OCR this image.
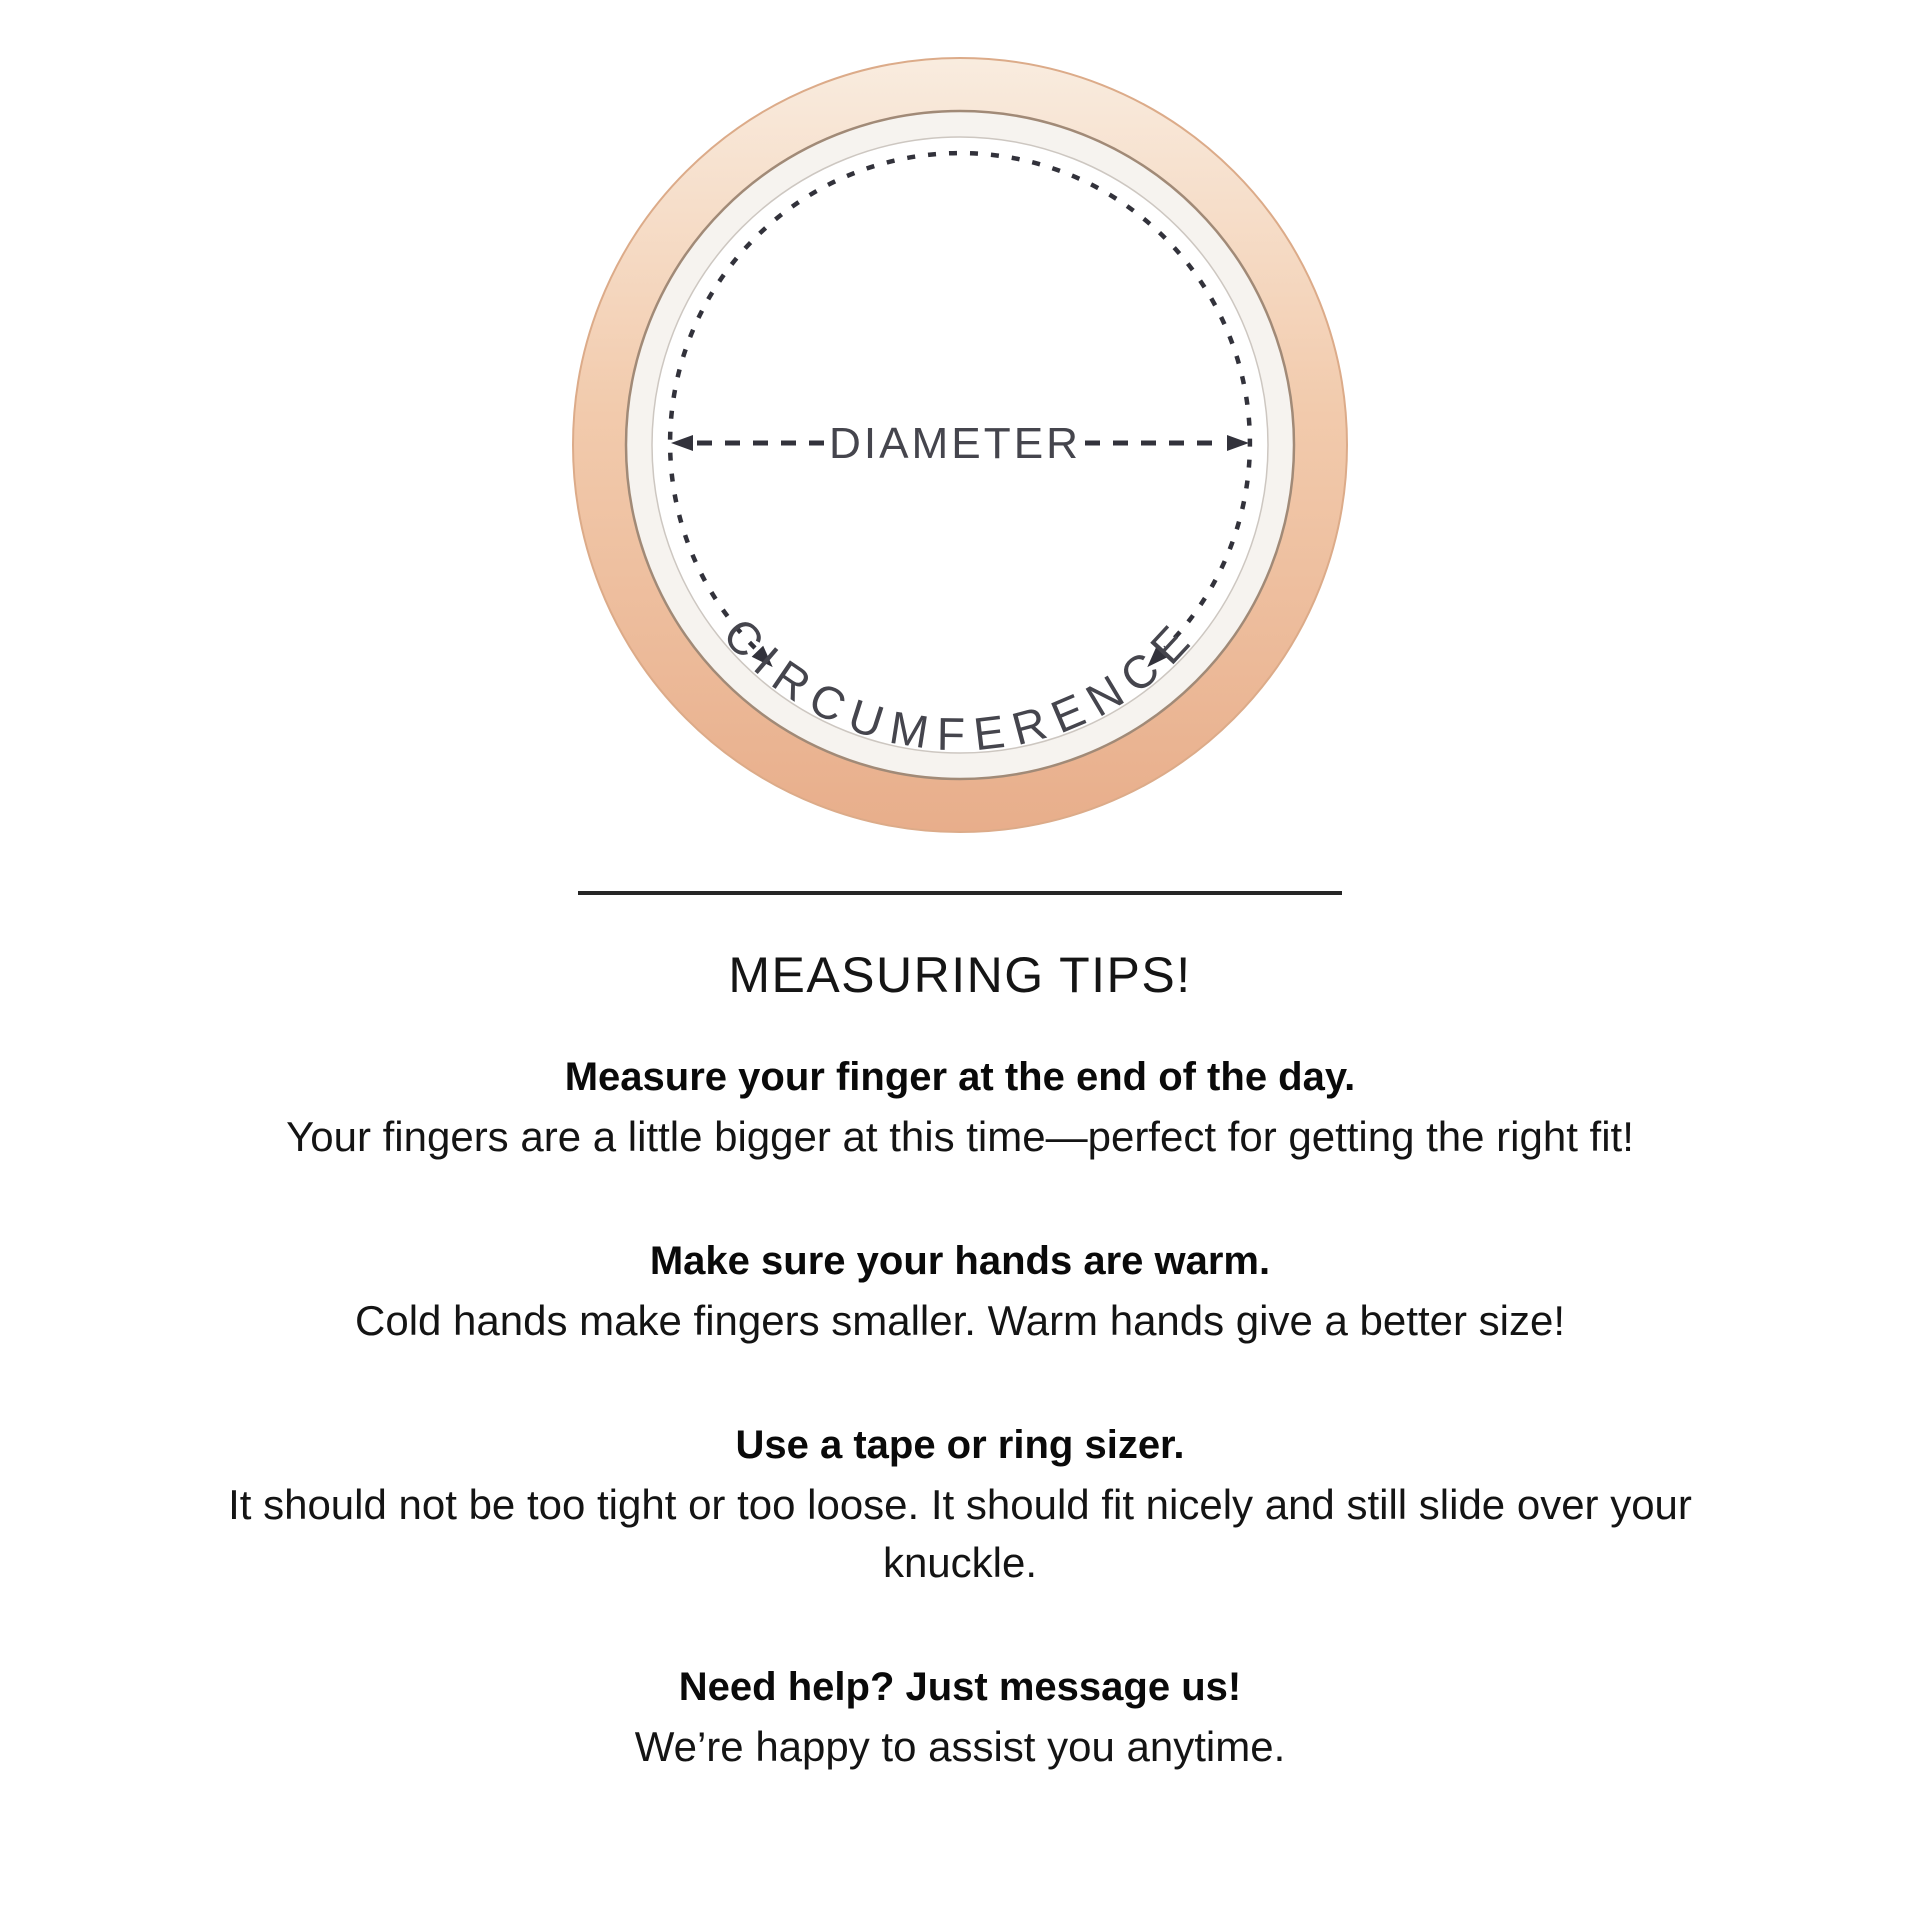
DIAMETER
CIRCUMFERENCE
MEASURING TIPS!

Measure your finger at the end of the day.

Your fingers are a little bigger at this time—perfect for getting the right fit!

Make sure your hands are warm.

Cold hands make fingers smaller. Warm hands give a better size!

Use a tape or ring sizer.

It should not be too tight or too loose. It should fit nicely and still slide over your knuckle.

Need help? Just message us!

We’re happy to assist you anytime.
